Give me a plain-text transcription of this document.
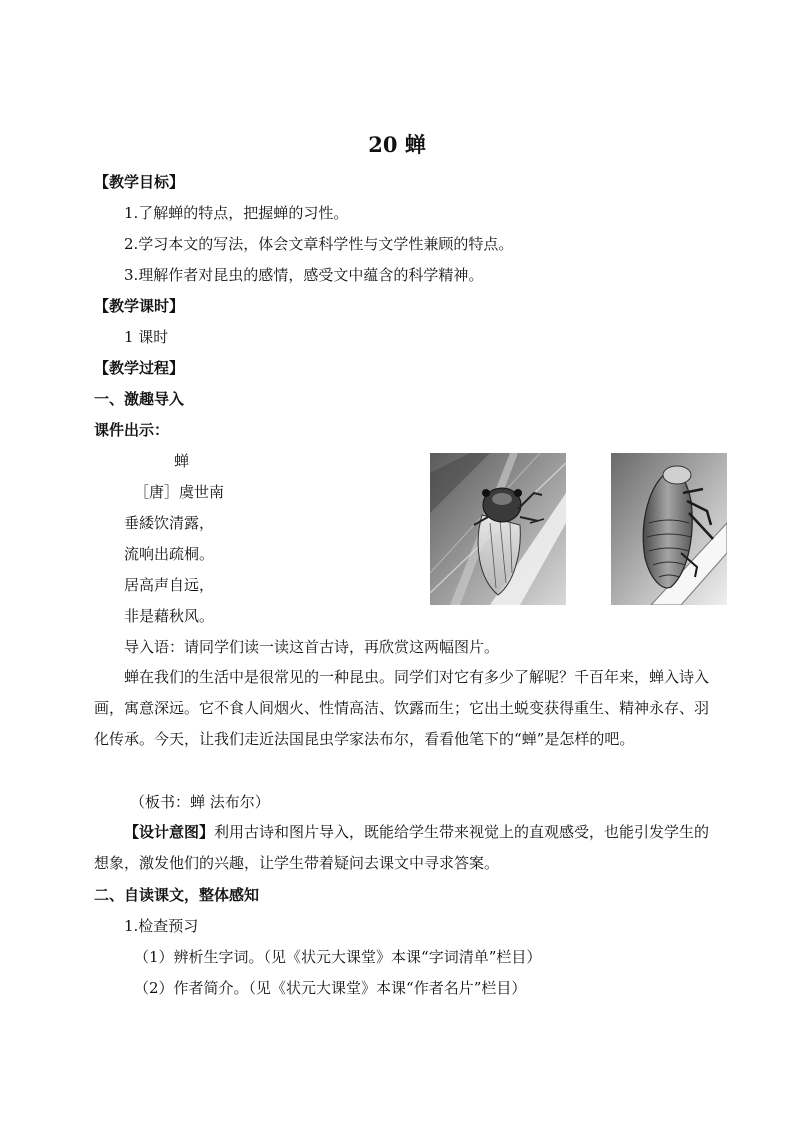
20 蝉
【教学目标】
1.了解蝉的特点，把握蝉的习性。
2.学习本文的写法，体会文章科学性与文学性兼顾的特点。
3.理解作者对昆虫的感情，感受文中蕴含的科学精神。
【教学课时】
1 课时
【教学过程】
一、激趣导入
课件出示：
蝉
［唐］虞世南
垂緌饮清露，
流响出疏桐。
居高声自远，
非是藉秋风。
导入语：请同学们读一读这首古诗，再欣赏这两幅图片。
蝉在我们的生活中是很常见的一种昆虫。同学们对它有多少了解呢？千百年来，蝉入诗入画，寓意深远。它不食人间烟火、性情高洁、饮露而生；它出土蜕变获得重生、精神永存、羽化传承。今天，让我们走近法国昆虫学家法布尔，看看他笔下的“蝉”是怎样的吧。
（板书：蝉 法布尔）
【设计意图】利用古诗和图片导入，既能给学生带来视觉上的直观感受，也能引发学生的想象，激发他们的兴趣，让学生带着疑问去课文中寻求答案。
二、自读课文，整体感知
1.检查预习
（1）辨析生字词。（见《状元大课堂》本课“字词清单”栏目）
（2）作者简介。（见《状元大课堂》本课“作者名片”栏目）
